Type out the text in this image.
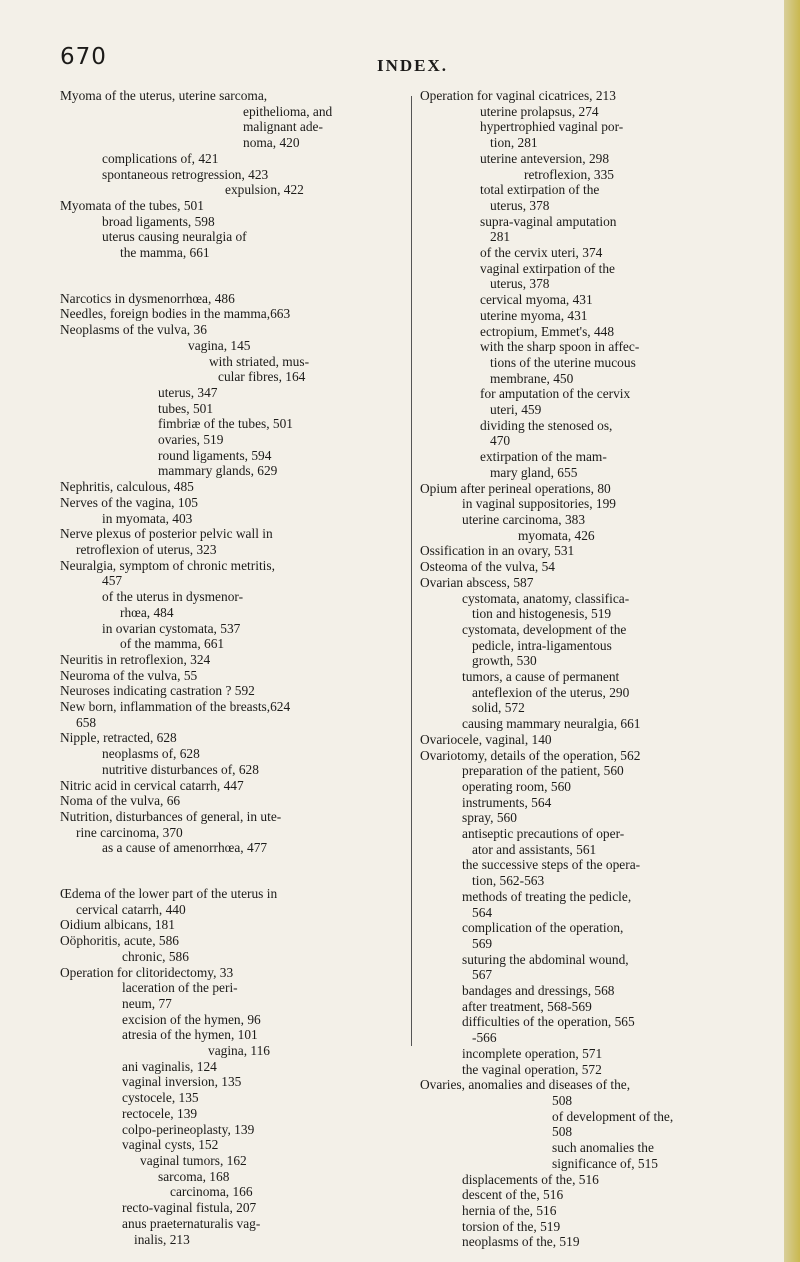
670	INDEX.
Myoma of the uterus, uterine sarcoma,
epithelioma, and
malignant ade-
noma, 420
complications of, 421
spontaneous retrogression, 423
expulsion, 422
Myomata of the tubes, 501
broad ligaments, 598
uterus causing neuralgia of
the mamma, 661
Narcotics in dysmenorrhœa, 486
Needles, foreign bodies in the mamma,663
Neoplasms of the vulva, 36
vagina, 145
with striated, mus-
cular fibres, 164
uterus, 347
tubes, 501
fimbriæ of the tubes, 501
ovaries, 519
round ligaments, 594
mammary glands, 629
Nephritis, calculous, 485
Nerves of the vagina, 105
in myomata, 403
Nerve plexus of posterior pelvic wall in
retroflexion of uterus, 323
Neuralgia, symptom of chronic metritis,
457
of the uterus in dysmenor-
rhœa, 484
in ovarian cystomata, 537
of the mamma, 661
Neuritis in retroflexion, 324
Neuroma of the vulva, 55
Neuroses indicating castration ? 592
New born, inflammation of the breasts,624
658
Nipple, retracted, 628
neoplasms of, 628
nutritive disturbances of, 628
Nitric acid in cervical catarrh, 447
Noma of the vulva, 66
Nutrition, disturbances of general, in ute-
rine carcinoma, 370
as a cause of amenorrhœa, 477
Œdema of the lower part of the uterus in
cervical catarrh, 440
Oidium albicans, 181
Oöphoritis, acute, 586
chronic, 586
Operation for clitoridectomy, 33
laceration of the peri-
neum, 77
excision of the hymen, 96
atresia of the hymen, 101
vagina, 116
ani vaginalis, 124
vaginal inversion, 135
cystocele, 135
rectocele, 139
colpo-perineoplasty, 139
vaginal cysts, 152
vaginal tumors, 162
sarcoma, 168
carcinoma, 166
recto-vaginal fistula, 207
anus praeternaturalis vag-
inalis, 213
Operation for vaginal cicatrices, 213
uterine prolapsus, 274
hypertrophied vaginal por-
tion, 281
uterine anteversion, 298
retroflexion, 335
total extirpation of the
uterus, 378
supra-vaginal amputation
281
of the cervix uteri, 374
vaginal extirpation of the
uterus, 378
cervical myoma, 431
uterine myoma, 431
ectropium, Emmet's, 448
with the sharp spoon in affec-
tions of the uterine mucous
membrane, 450
for amputation of the cervix
uteri, 459
dividing the stenosed os,
470
extirpation of the mam-
mary gland, 655
Opium after perineal operations, 80
in vaginal suppositories, 199
uterine carcinoma, 383
myomata, 426
Ossification in an ovary, 531
Osteoma of the vulva, 54
Ovarian abscess, 587
cystomata, anatomy, classifica-
tion and histogenesis, 519
cystomata, development of the
pedicle, intra-ligamentous
growth, 530
tumors, a cause of permanent
anteflexion of the uterus, 290
solid, 572
causing mammary neuralgia, 661
Ovariocele, vaginal, 140
Ovariotomy, details of the operation, 562
preparation of the patient, 560
operating room, 560
instruments, 564
spray, 560
antiseptic precautions of oper-
ator and assistants, 561
the successive steps of the opera-
tion, 562-563
methods of treating the pedicle,
564
complication of the operation,
569
suturing the abdominal wound,
567
bandages and dressings, 568
after treatment, 568-569
difficulties of the operation, 565
-566
incomplete operation, 571
the vaginal operation, 572
Ovaries, anomalies and diseases of the,
508
of development of the,
508
such anomalies the
significance of, 515
displacements of the, 516
descent of the, 516
hernia of the, 516
torsion of the, 519
neoplasms of the, 519
